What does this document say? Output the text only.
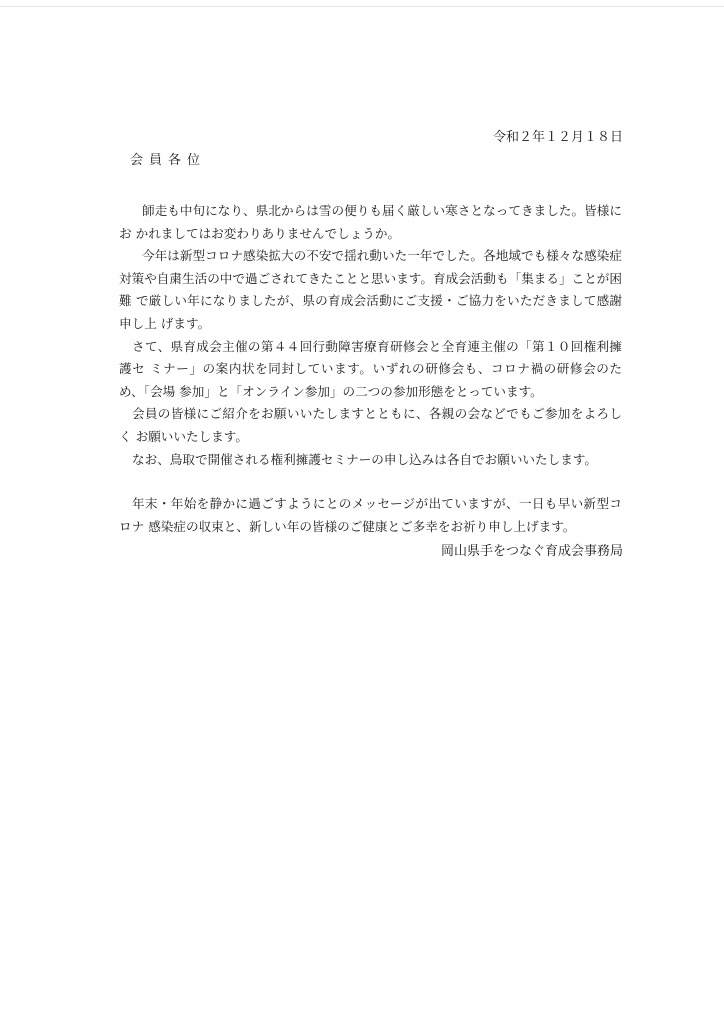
令和２年１２月１８日
会員各位

師走も中旬になり、県北からは雪の便りも届く厳しい寒さとなってきました。皆様にお かれましてはお変わりありませんでしょうか。

今年は新型コロナ感染拡大の不安で揺れ動いた一年でした。各地域でも様々な感染症 対策や自粛生活の中で過ごされてきたことと思います。育成会活動も「集まる」ことが困難 で厳しい年になりましたが、県の育成会活動にご支援・ご協力をいただきまして感謝申し上 げます。

さて、県育成会主催の第４４回行動障害療育研修会と全育連主催の「第１０回権利擁護セ ミナー」の案内状を同封しています。いずれの研修会も、コロナ禍の研修会のため、「会場 参加」と「オンライン参加」の二つの参加形態をとっています。

会員の皆様にご紹介をお願いいたしますとともに、各親の会などでもご参加をよろしく お願いいたします。

なお、鳥取で開催される権利擁護セミナーの申し込みは各自でお願いいたします。

年末・年始を静かに過ごすようにとのメッセージが出ていますが、一日も早い新型コロナ 感染症の収束と、新しい年の皆様のご健康とご多幸をお祈り申し上げます。

岡山県手をつなぐ育成会事務局
